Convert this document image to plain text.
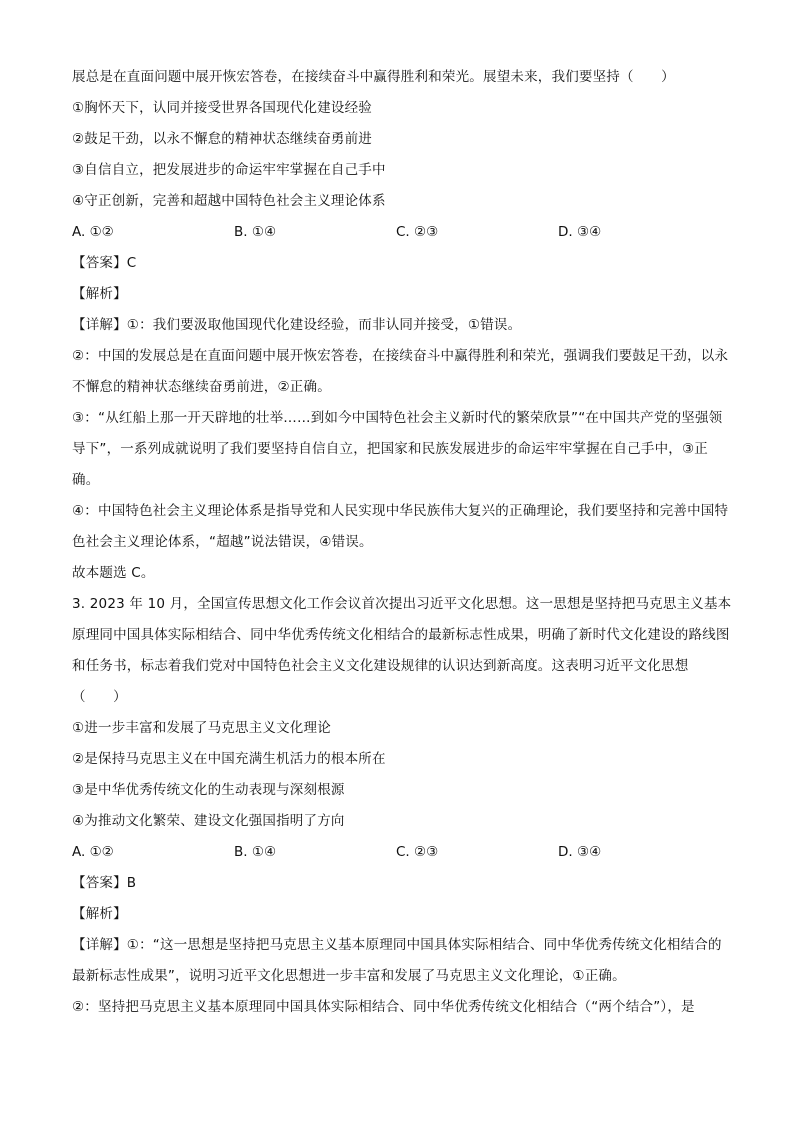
展总是在直面问题中展开恢宏答卷，在接续奋斗中赢得胜利和荣光。展望未来，我们要坚持（　　）
①胸怀天下，认同并接受世界各国现代化建设经验
②鼓足干劲，以永不懈怠的精神状态继续奋勇前进
③自信自立，把发展进步的命运牢牢掌握在自己手中
④守正创新，完善和超越中国特色社会主义理论体系
A. ①②	B. ①④	C. ②③	D. ③④
【答案】C
【解析】
【详解】①：我们要汲取他国现代化建设经验，而非认同并接受，①错误。
②：中国的发展总是在直面问题中展开恢宏答卷，在接续奋斗中赢得胜利和荣光，强调我们要鼓足干劲，以永不懈怠的精神状态继续奋勇前进，②正确。
③：“从红船上那一开天辟地的壮举……到如今中国特色社会主义新时代的繁荣欣景”“在中国共产党的坚强领导下”，一系列成就说明了我们要坚持自信自立，把国家和民族发展进步的命运牢牢掌握在自己手中，③正确。
④：中国特色社会主义理论体系是指导党和人民实现中华民族伟大复兴的正确理论，我们要坚持和完善中国特色社会主义理论体系，“超越”说法错误，④错误。
故本题选 C。
3. 2023 年 10 月，全国宣传思想文化工作会议首次提出习近平文化思想。这一思想是坚持把马克思主义基本原理同中国具体实际相结合、同中华优秀传统文化相结合的最新标志性成果，明确了新时代文化建设的路线图和任务书，标志着我们党对中国特色社会主义文化建设规律的认识达到新高度。这表明习近平文化思想（　　）
①进一步丰富和发展了马克思主义文化理论
②是保持马克思主义在中国充满生机活力的根本所在
③是中华优秀传统文化的生动表现与深刻根源
④为推动文化繁荣、建设文化强国指明了方向
A. ①②	B. ①④	C. ②③	D. ③④
【答案】B
【解析】
【详解】①：“这一思想是坚持把马克思主义基本原理同中国具体实际相结合、同中华优秀传统文化相结合的最新标志性成果”，说明习近平文化思想进一步丰富和发展了马克思主义文化理论，①正确。
②：坚持把马克思主义基本原理同中国具体实际相结合、同中华优秀传统文化相结合（“两个结合”），是
